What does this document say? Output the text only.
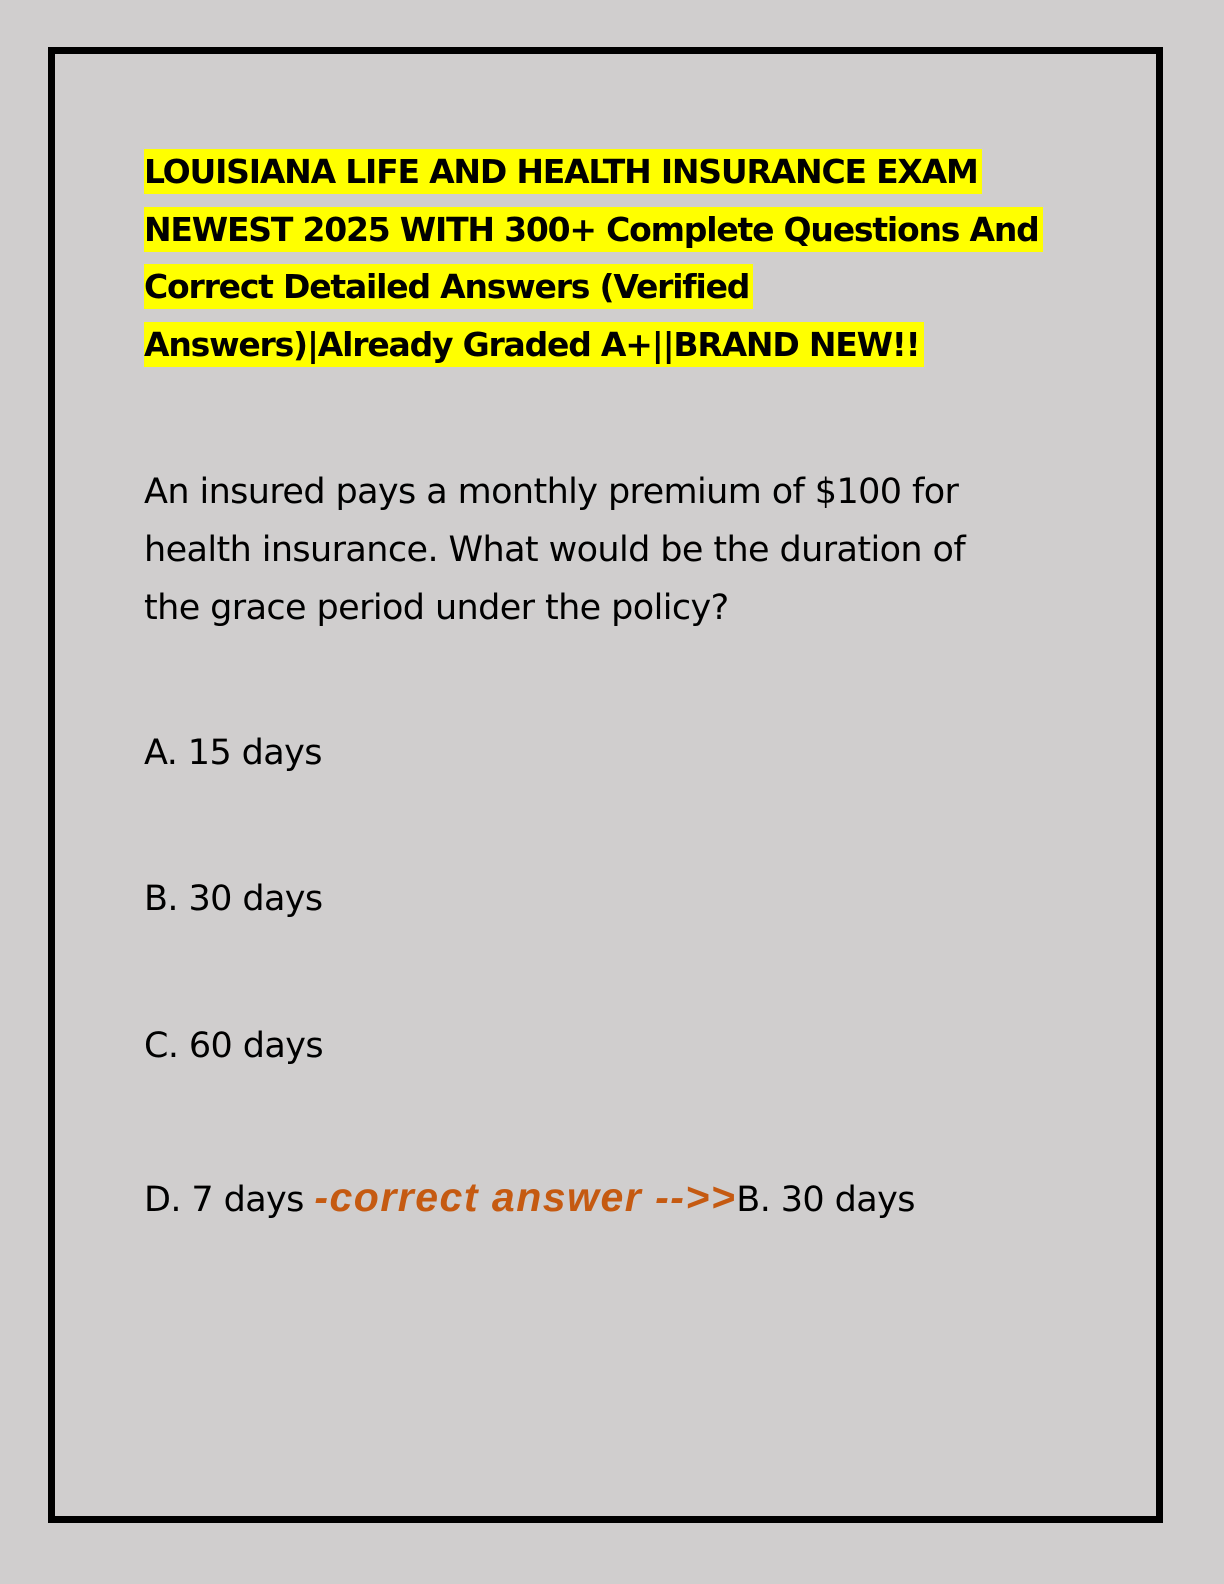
LOUISIANA LIFE AND HEALTH INSURANCE EXAM
NEWEST 2025 WITH 300+ Complete Questions And
Correct Detailed Answers (Verified
Answers)|Already Graded A+||BRAND NEW!!
An insured pays a monthly premium of $100 for
health insurance. What would be the duration of
the grace period under the policy?
A. 15 days
B. 30 days
C. 60 days
D. 7 days -correct answer -->>B. 30 days
